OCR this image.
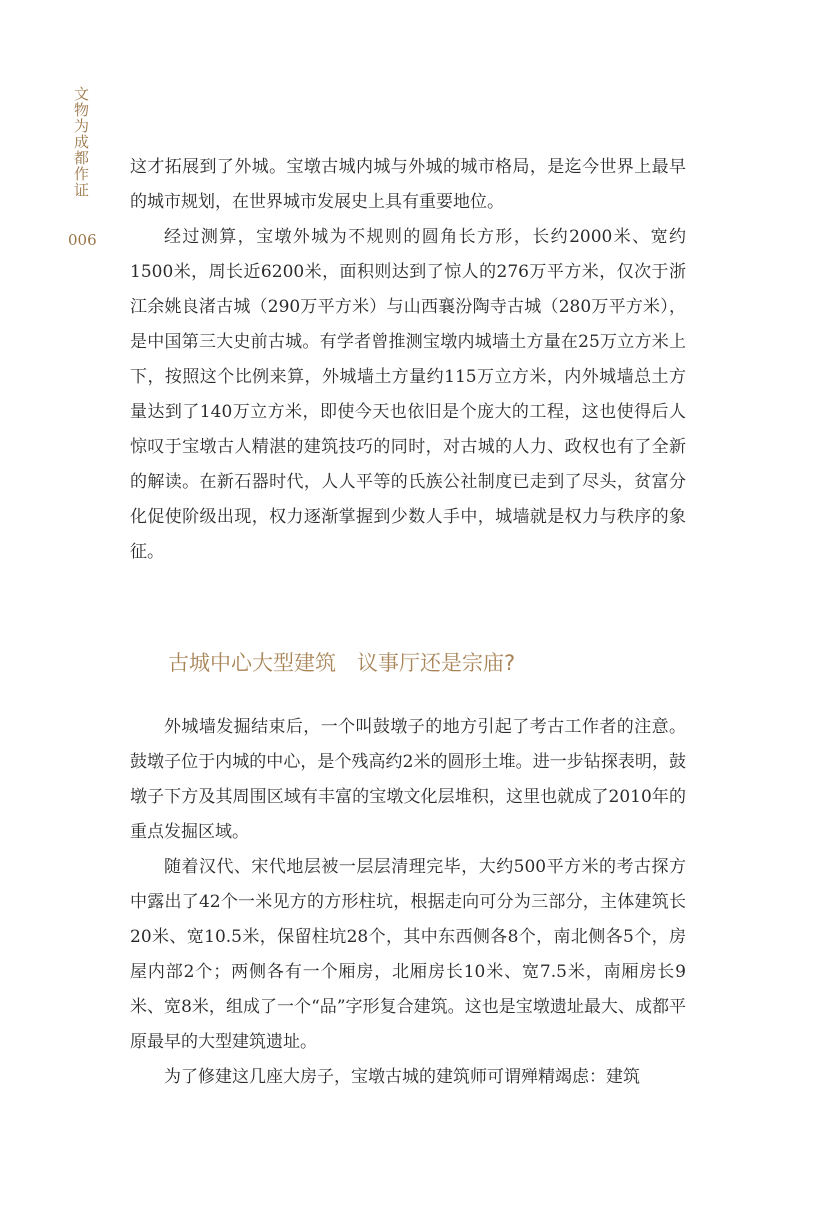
文物为成都作证
006

这才拓展到了外城。宝墩古城内城与外城的城市格局，是迄今世界上最早的城市规划，在世界城市发展史上具有重要地位。

经过测算，宝墩外城为不规则的圆角长方形，长约2000米、宽约1500米，周长近6200米，面积则达到了惊人的276万平方米，仅次于浙江余姚良渚古城（290万平方米）与山西襄汾陶寺古城（280万平方米），是中国第三大史前古城。有学者曾推测宝墩内城墙土方量在25万立方米上下，按照这个比例来算，外城墙土方量约115万立方米，内外城墙总土方量达到了140万立方米，即使今天也依旧是个庞大的工程，这也使得后人惊叹于宝墩古人精湛的建筑技巧的同时，对古城的人力、政权也有了全新的解读。在新石器时代，人人平等的氏族公社制度已走到了尽头，贫富分化促使阶级出现，权力逐渐掌握到少数人手中，城墙就是权力与秩序的象征。

古城中心大型建筑　议事厅还是宗庙?

外城墙发掘结束后，一个叫鼓墩子的地方引起了考古工作者的注意。鼓墩子位于内城的中心，是个残高约2米的圆形土堆。进一步钻探表明，鼓墩子下方及其周围区域有丰富的宝墩文化层堆积，这里也就成了2010年的重点发掘区域。

随着汉代、宋代地层被一层层清理完毕，大约500平方米的考古探方中露出了42个一米见方的方形柱坑，根据走向可分为三部分，主体建筑长20米、宽10.5米，保留柱坑28个，其中东西侧各8个，南北侧各5个，房屋内部2个；两侧各有一个厢房，北厢房长10米、宽7.5米，南厢房长9米、宽8米，组成了一个“品”字形复合建筑。这也是宝墩遗址最大、成都平原最早的大型建筑遗址。

为了修建这几座大房子，宝墩古城的建筑师可谓殚精竭虑：建筑
